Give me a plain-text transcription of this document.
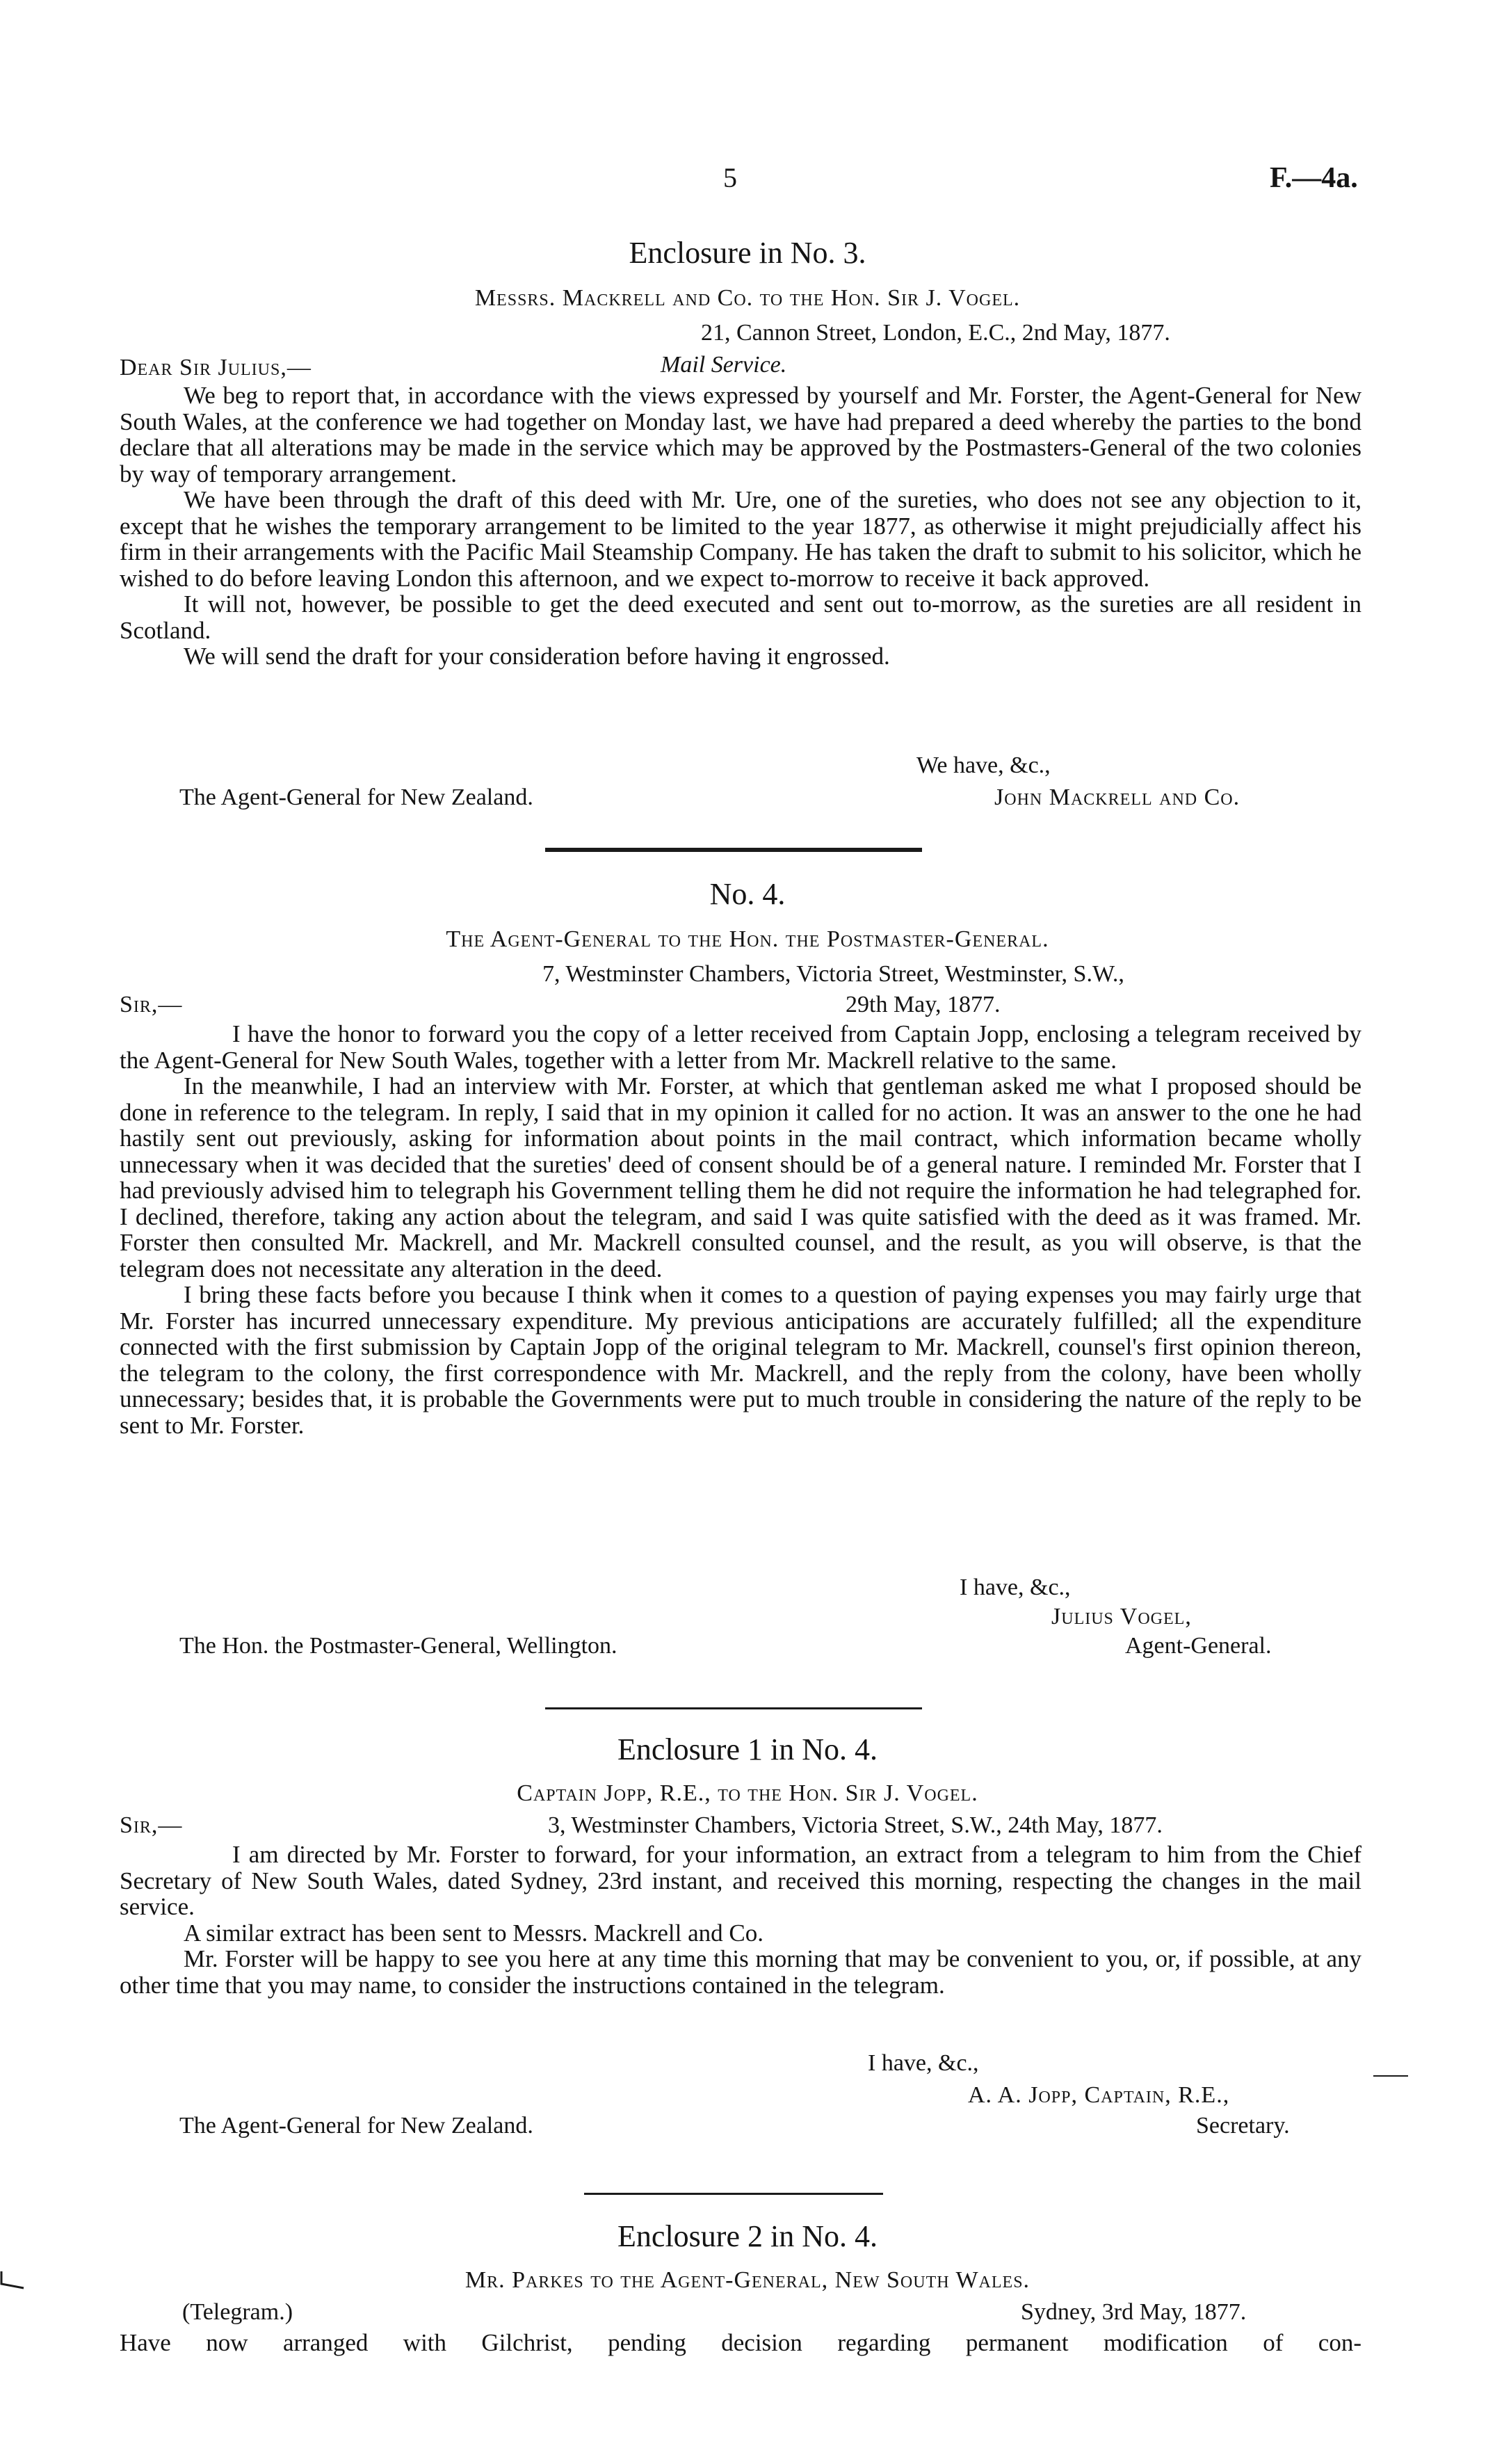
5	F.—4a.
Enclosure in No. 3.
Messrs. Mackrell and Co. to the Hon. Sir J. Vogel.
21, Cannon Street, London, E.C., 2nd May, 1877.
Dear Sir Julius,—	Mail Service.

We beg to report that, in accordance with the views expressed by yourself and Mr. Forster, the Agent-General for New South Wales, at the conference we had together on Monday last, we have had prepared a deed whereby the parties to the bond declare that all alterations may be made in the service which may be approved by the Postmasters-General of the two colonies by way of temporary arrangement.

We have been through the draft of this deed with Mr. Ure, one of the sureties, who does not see any objection to it, except that he wishes the temporary arrangement to be limited to the year 1877, as otherwise it might prejudicially affect his firm in their arrangements with the Pacific Mail Steamship Company. He has taken the draft to submit to his solicitor, which he wished to do before leaving London this afternoon, and we expect to-morrow to receive it back approved.

It will not, however, be possible to get the deed executed and sent out to-morrow, as the sureties are all resident in Scotland.

We will send the draft for your consideration before having it engrossed.

We have, &c.,
The Agent-General for New Zealand.	John Mackrell and Co.
No. 4.
The Agent-General to the Hon. the Postmaster-General.
7, Westminster Chambers, Victoria Street, Westminster, S.W.,
Sir,—	29th May, 1877.

I have the honor to forward you the copy of a letter received from Captain Jopp, enclosing a telegram received by the Agent-General for New South Wales, together with a letter from Mr. Mackrell relative to the same.

In the meanwhile, I had an interview with Mr. Forster, at which that gentleman asked me what I proposed should be done in reference to the telegram. In reply, I said that in my opinion it called for no action. It was an answer to the one he had hastily sent out previously, asking for information about points in the mail contract, which information became wholly unnecessary when it was decided that the sureties' deed of consent should be of a general nature. I reminded Mr. Forster that I had previously advised him to telegraph his Government telling them he did not require the information he had telegraphed for. I declined, therefore, taking any action about the telegram, and said I was quite satisfied with the deed as it was framed. Mr. Forster then consulted Mr. Mackrell, and Mr. Mackrell consulted counsel, and the result, as you will observe, is that the telegram does not necessitate any alteration in the deed.

I bring these facts before you because I think when it comes to a question of paying expenses you may fairly urge that Mr. Forster has incurred unnecessary expenditure. My previous anticipations are accurately fulfilled; all the expenditure connected with the first submission by Captain Jopp of the original telegram to Mr. Mackrell, counsel's first opinion thereon, the telegram to the colony, the first correspondence with Mr. Mackrell, and the reply from the colony, have been wholly unnecessary; besides that, it is probable the Governments were put to much trouble in considering the nature of the reply to be sent to Mr. Forster.

I have, &c.,
Julius Vogel,
The Hon. the Postmaster-General, Wellington.	Agent-General.
Enclosure 1 in No. 4.
Captain Jopp, R.E., to the Hon. Sir J. Vogel.
Sir,—	3, Westminster Chambers, Victoria Street, S.W., 24th May, 1877.

I am directed by Mr. Forster to forward, for your information, an extract from a telegram to him from the Chief Secretary of New South Wales, dated Sydney, 23rd instant, and received this morning, respecting the changes in the mail service.

A similar extract has been sent to Messrs. Mackrell and Co.

Mr. Forster will be happy to see you here at any time this morning that may be convenient to you, or, if possible, at any other time that you may name, to consider the instructions contained in the telegram.

I have, &c.,
A. A. Jopp, Captain, R.E.,
The Agent-General for New Zealand.	Secretary.
Enclosure 2 in No. 4.
Mr. Parkes to the Agent-General, New South Wales.
(Telegram.)	Sydney, 3rd May, 1877.

Have now arranged with Gilchrist, pending decision regarding permanent modification of con-
